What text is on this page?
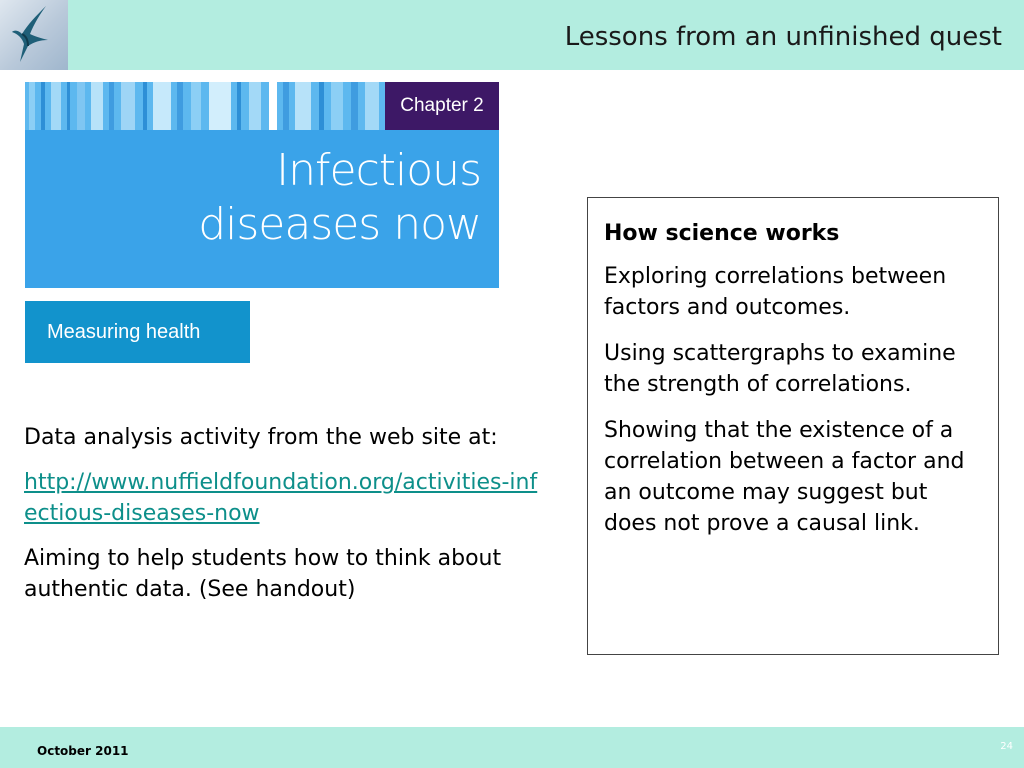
Lessons from an unfinished quest
Chapter 2
Infectious
diseases now
Measuring health

Data analysis activity from the web site at:

http://www.nuffieldfoundation.org/activities-infectious-diseases-now

Aiming to help students how to think about authentic data. (See handout)

How science works

Exploring correlations between factors and outcomes.

Using scattergraphs to examine the strength of correlations.

Showing that the existence of a correlation between a factor and an outcome may suggest but does not prove a causal link.

October 2011	24
